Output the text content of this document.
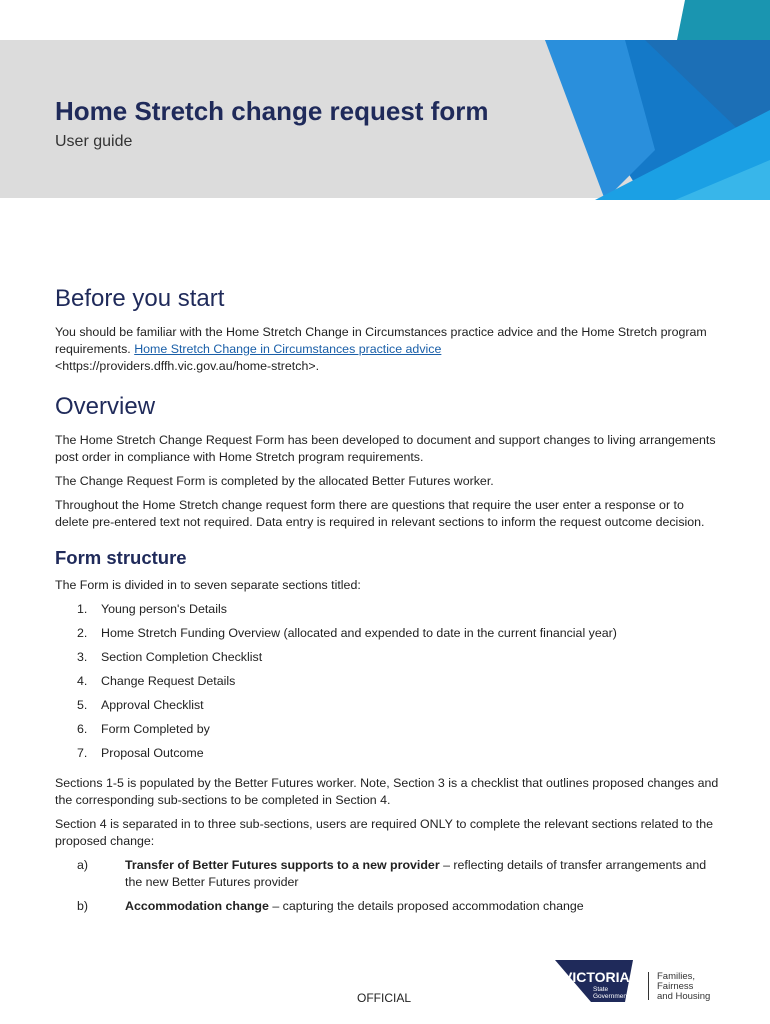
Home Stretch change request form

User guide

Before you start

You should be familiar with the Home Stretch Change in Circumstances practice advice and the Home Stretch program requirements. Home Stretch Change in Circumstances practice advice
<https://providers.dffh.vic.gov.au/home-stretch>.

Overview

The Home Stretch Change Request Form has been developed to document and support changes to living arrangements post order in compliance with Home Stretch program requirements.

The Change Request Form is completed by the allocated Better Futures worker.

Throughout the Home Stretch change request form there are questions that require the user enter a response or to delete pre-entered text not required. Data entry is required in relevant sections to inform the request outcome decision.

Form structure

The Form is divided in to seven separate sections titled:

1. Young person's Details
2. Home Stretch Funding Overview (allocated and expended to date in the current financial year)
3. Section Completion Checklist
4. Change Request Details
5. Approval Checklist
6. Form Completed by
7. Proposal Outcome

Sections 1-5 is populated by the Better Futures worker. Note, Section 3 is a checklist that outlines proposed changes and the corresponding sub-sections to be completed in Section 4.

Section 4 is separated in to three sub-sections, users are required ONLY to complete the relevant sections related to the proposed change:

a)	Transfer of Better Futures supports to a new provider – reflecting details of transfer arrangements and the new Better Futures provider
b)	Accommodation change – capturing the details proposed accommodation change
OFFICIAL
VICTORIA
State
Government
Families,
Fairness
and Housing
